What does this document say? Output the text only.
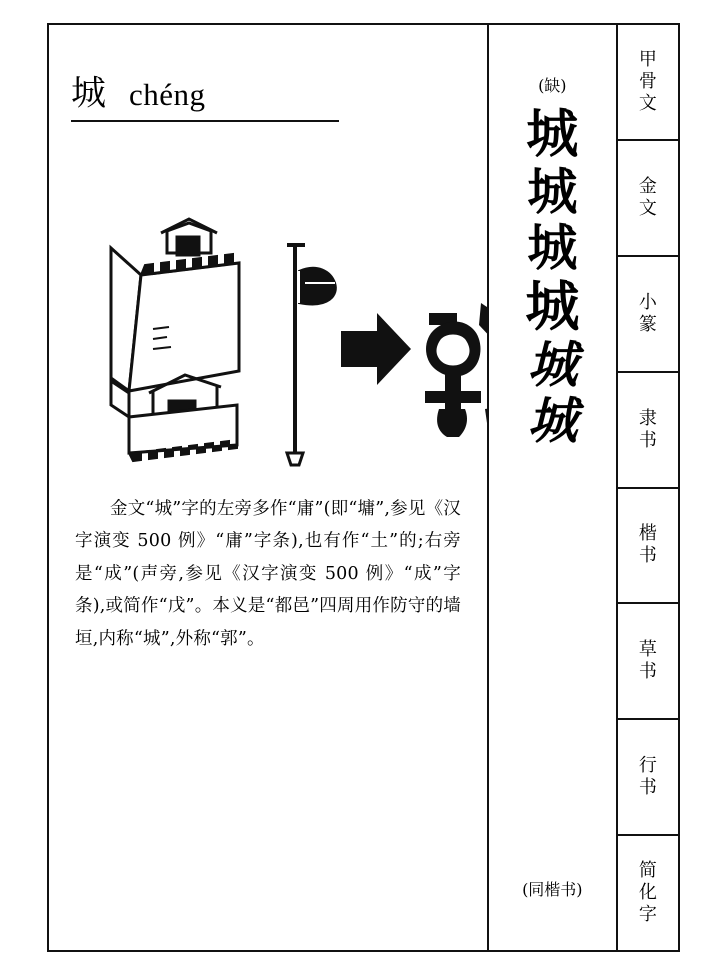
城 chéng
金文“城”字的左旁多作“庸”(即“墉”,参见《汉字演变 500 例》“庸”字条),也有作“土”的;右旁是“成”(声旁,参见《汉字演变 500 例》“成”字条),或简作“戊”。本义是“都邑”四周用作防守的墙垣,内称“城”,外称“郭”。
(缺)
城
城
城
城
城
城
(同楷书)
甲
骨
文
金
文
小
篆
隶
书
楷
书
草
书
行
书
简
化
字
